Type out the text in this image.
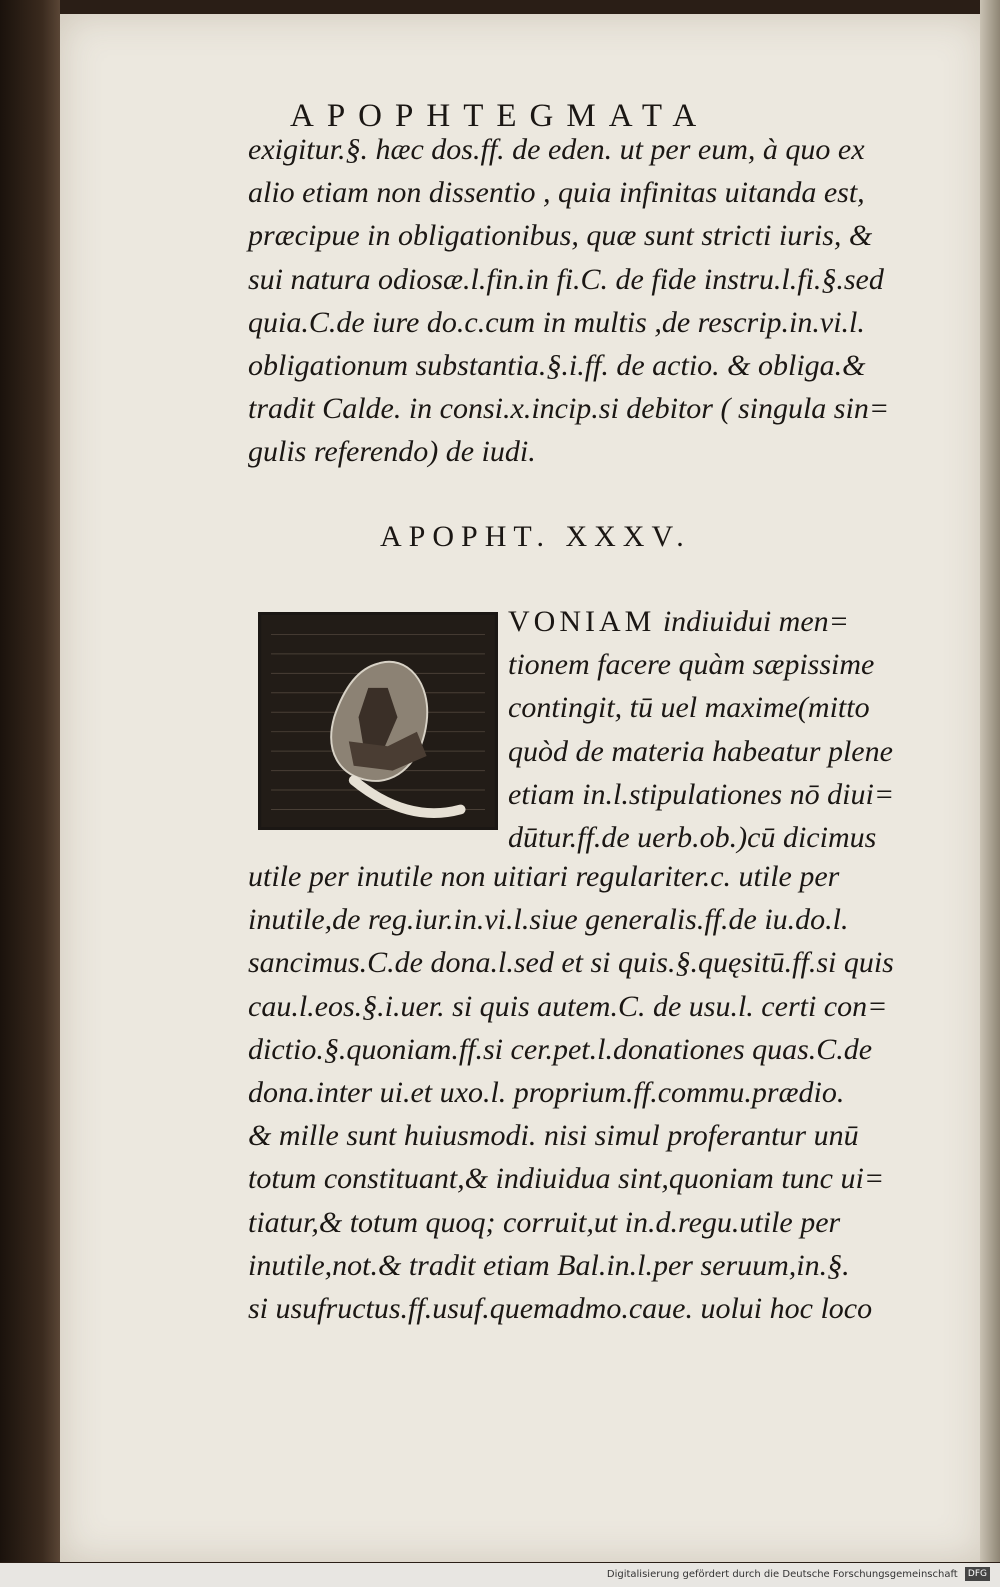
APOPHTEGMATA
exigitur.§. hæc dos.ff. de eden. ut per eum, à quo ex
alio etiam non dissentio , quia infinitas uitanda est,
præcipue in obligationibus, quæ sunt stricti iuris, &
sui natura odiosæ.l.fin.in fi.C. de fide instru.l.fi.§.sed
quia.C.de iure do.c.cum in multis ,de rescrip.in.vi.l.
obligationum substantia.§.i.ff. de actio. & obliga.&
tradit Calde. in consi.x.incip.si debitor ( singula sin=
gulis referendo) de iudi.
APOPHT. XXXV.
VONIAM indiuidui men=
tionem facere quàm sæpissime
contingit, tū uel maxime(mitto
quòd de materia habeatur plene
etiam in.l.stipulationes nō diui=
dūtur.ff.de uerb.ob.)cū dicimus
utile per inutile non uitiari regulariter.c. utile per
inutile,de reg.iur.in.vi.l.siue generalis.ff.de iu.do.l.
sancimus.C.de dona.l.sed et si quis.§.quęsitū.ff.si quis
cau.l.eos.§.i.uer. si quis autem.C. de usu.l. certi con=
dictio.§.quoniam.ff.si cer.pet.l.donationes quas.C.de
dona.inter ui.et uxo.l. proprium.ff.commu.prædio.
& mille sunt huiusmodi. nisi simul proferantur unū
totum constituant,& indiuidua sint,quoniam tunc ui=
tiatur,& totum quoq; corruit,ut in.d.regu.utile per
inutile,not.& tradit etiam Bal.in.l.per seruum,in.§.
si usufructus.ff.usuf.quemadmo.caue. uolui hoc loco
Digitalisierung gefördert durch die Deutsche Forschungsgemeinschaft DFG
